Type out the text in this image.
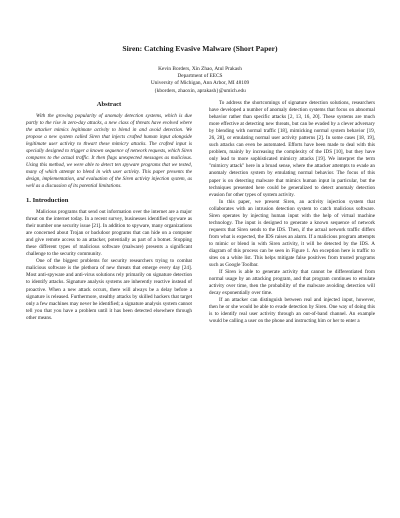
Siren: Catching Evasive Malware (Short Paper)
Kevin Borders, Xin Zhao, Atul Prakash
Department of EECS
University of Michigan, Ann Arbor, MI 48109
{kborders, zhaoxin, aprakash}@umich.edu
Abstract

With the growing popularity of anomaly detection systems, which is due partly to the rise in zero-day attacks, a new class of threats have evolved where the attacker mimics legitimate activity to blend in and avoid detection. We propose a new system called Siren that injects crafted human input alongside legitimate user activity to thwart these mimicry attacks. The crafted input is specially designed to trigger a known sequence of network requests, which Siren compares to the actual traffic. It then flags unexpected messages as malicious. Using this method, we were able to detect ten spyware programs that we tested, many of which attempt to blend in with user activity. This paper presents the design, implementation, and evaluation of the Siren activity injection system, as well as a discussion of its potential limitations.

1. Introduction

Malicious programs that send out information over the internet are a major threat on the internet today. In a recent survey, businesses identified spyware as their number one security issue [21]. In addition to spyware, many organizations are concerned about Trojan or backdoor programs that can hide on a computer and give remote access to an attacker, potentially as part of a botnet. Stopping these different types of malicious software (malware) presents a significant challenge to the security community.

One of the biggest problems for security researchers trying to combat malicious software is the plethora of new threats that emerge every day [24]. Most anti-spyware and anti-virus solutions rely primarily on signature detection to identify attacks. Signature analysis systems are inherently reactive instead of proactive. When a new attack occurs, there will always be a delay before a signature is released. Furthermore, stealthy attacks by skilled hackers that target only a few machines may never be identified; a signature analysis system cannot tell you that you have a problem until it has been detected elsewhere through other means.

To address the shortcomings of signature detection solutions, researchers have developed a number of anomaly detection systems that focus on abnormal behavior rather than specific attacks [2, 13, 16, 20]. These systems are much more effective at detecting new threats, but can be evaded by a clever adversary by blending with normal traffic [18], mimicking normal system behavior [19, 26, 28], or emulating normal user activity patterns [2]. In some cases [18, 19], such attacks can even be automated. Efforts have been made to deal with this problem, mainly by increasing the complexity of the IDS [10], but they have only lead to more sophisticated mimicry attacks [19]. We interpret the term "mimicry attack" here in a broad sense, where the attacker attempts to evade an anomaly detection system by emulating normal behavior. The focus of this paper is on detecting malware that mimics human input in particular, but the techniques presented here could be generalized to detect anomaly detection evasion for other types of system activity.

In this paper, we present Siren, an activity injection system that collaborates with an intrusion detection system to catch malicious software. Siren operates by injecting human input with the help of virtual machine technology. The input is designed to generate a known sequence of network requests that Siren sends to the IDS. Then, if the actual network traffic differs from what is expected, the IDS raises an alarm. If a malicious program attempts to mimic or blend in with Siren activity, it will be detected by the IDS. A diagram of this process can be seen in Figure 1. An exception here is traffic to sites on a white list. This helps mitigate false positives from trusted programs such as Google Toolbar.

If Siren is able to generate activity that cannot be differentiated from normal usage by an attacking program, and that program continues to emulate activity over time, then the probability of the malware avoiding detection will decay exponentially over time.

If an attacker can distinguish between real and injected input, however, then he or she would be able to evade detection by Siren. One way of doing this is to identify real user activity through an out-of-band channel. An example would be calling a user on the phone and instructing him or her to enter a
